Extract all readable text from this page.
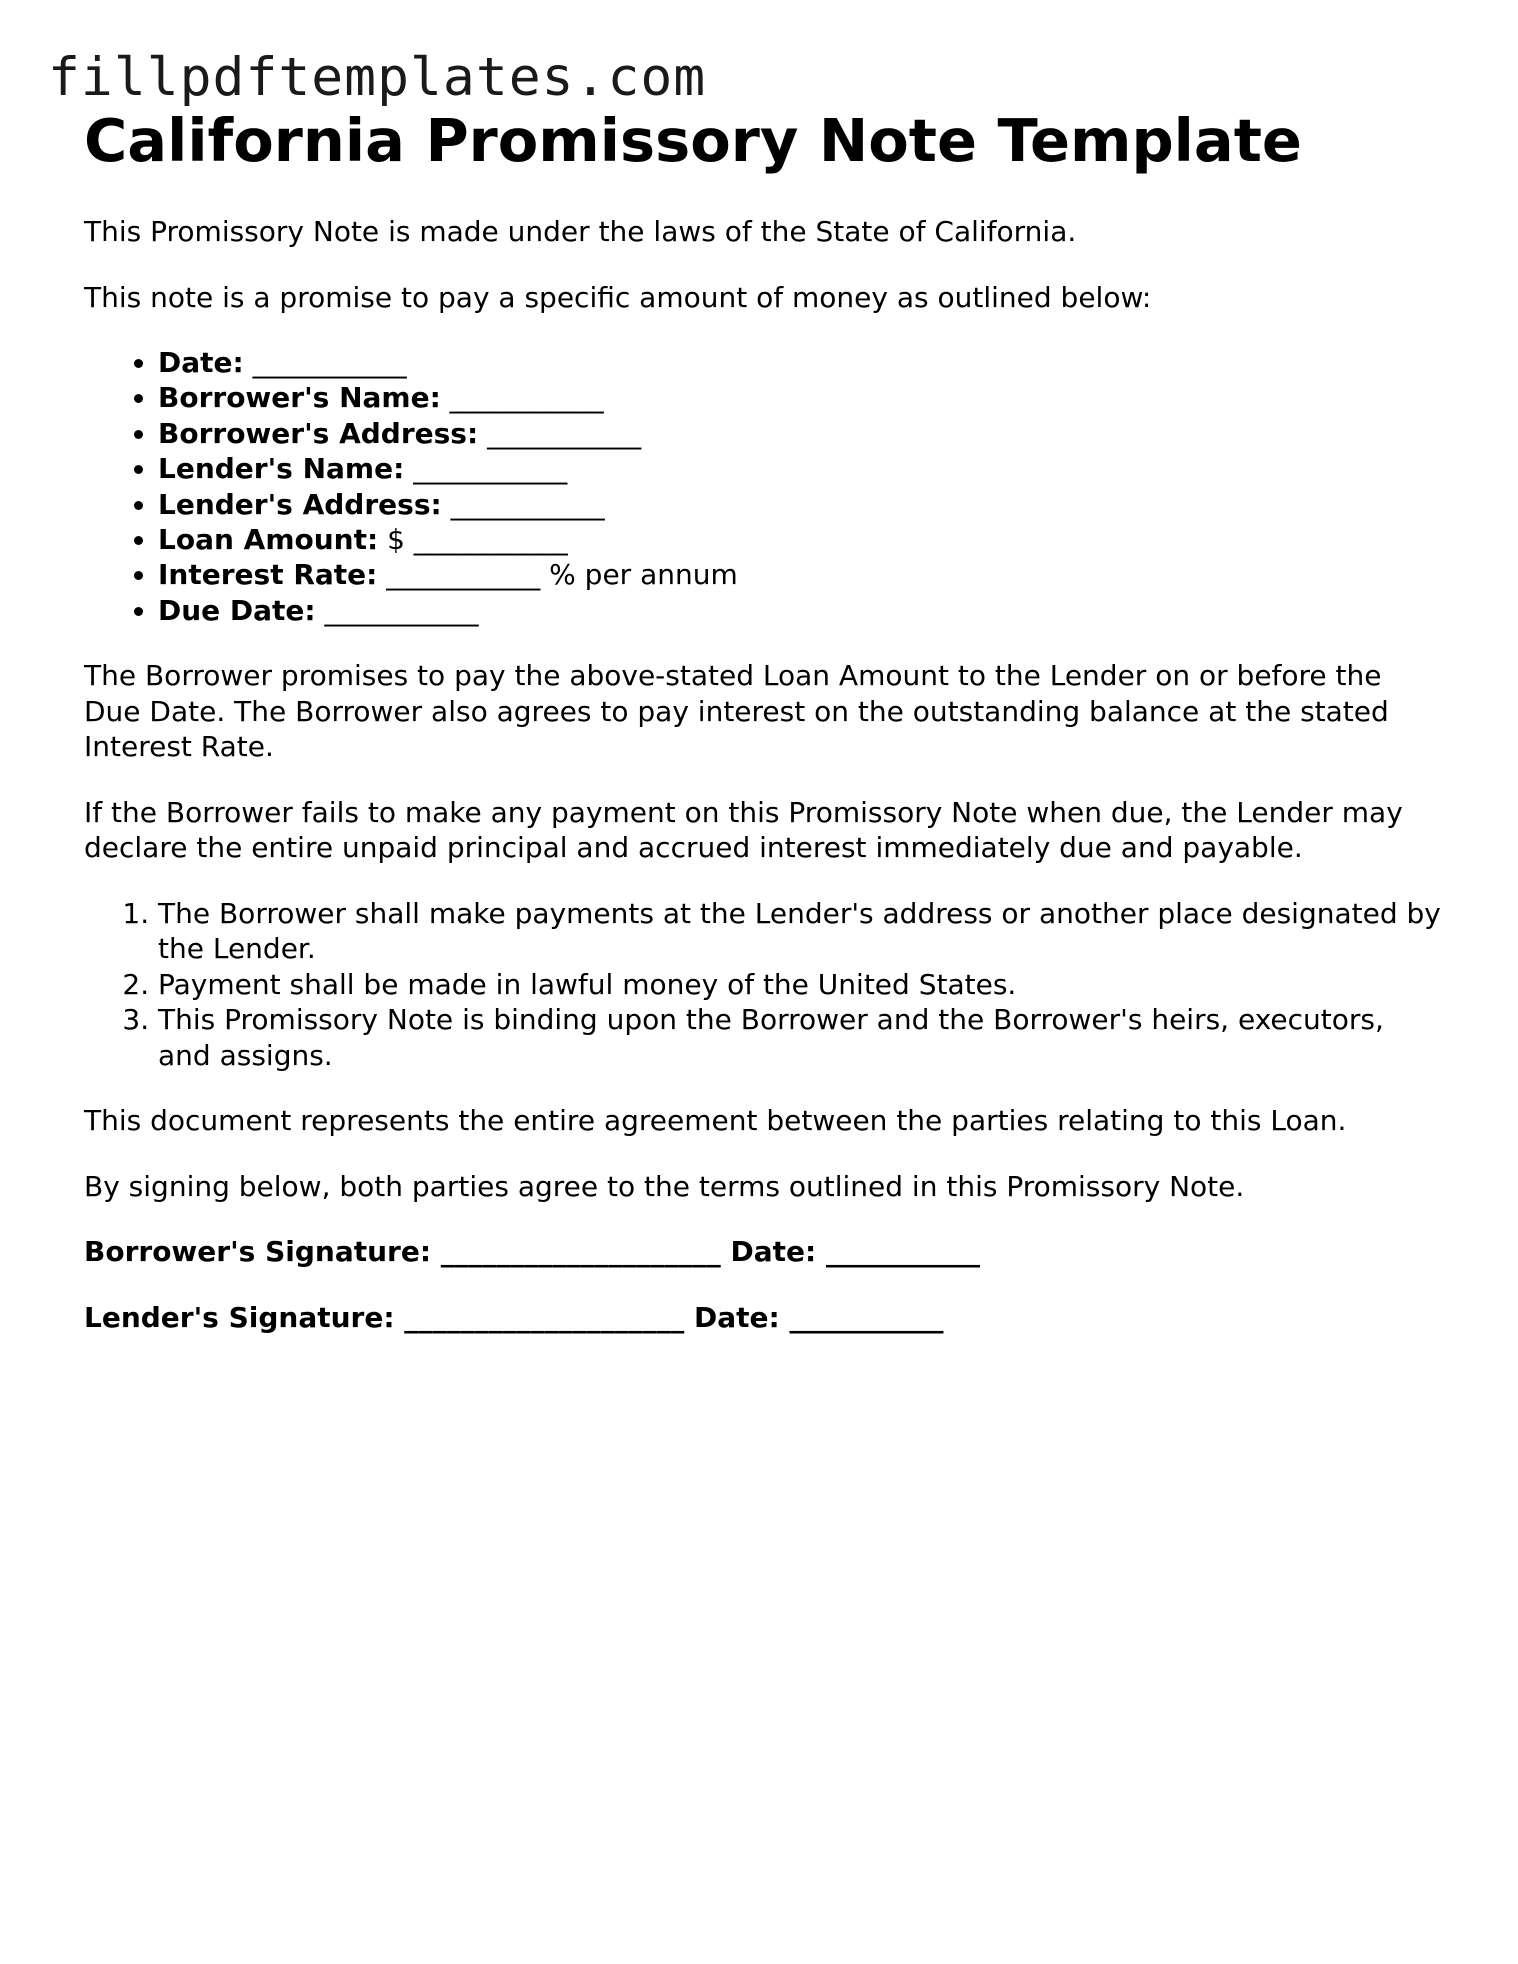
fillpdftemplates.com
California Promissory Note Template

This Promissory Note is made under the laws of the State of California.

This note is a promise to pay a specific amount of money as outlined below:

• Date: ___________
• Borrower's Name: ___________
• Borrower's Address: ___________
• Lender's Name: ___________
• Lender's Address: ___________
• Loan Amount: $ ___________
• Interest Rate: ___________ % per annum
• Due Date: ___________

The Borrower promises to pay the above-stated Loan Amount to the Lender on or before the Due Date. The Borrower also agrees to pay interest on the outstanding balance at the stated Interest Rate.

If the Borrower fails to make any payment on this Promissory Note when due, the Lender may declare the entire unpaid principal and accrued interest immediately due and payable.

1. The Borrower shall make payments at the Lender's address or another place designated by the Lender.
2. Payment shall be made in lawful money of the United States.
3. This Promissory Note is binding upon the Borrower and the Borrower's heirs, executors, and assigns.

This document represents the entire agreement between the parties relating to this Loan.

By signing below, both parties agree to the terms outlined in this Promissory Note.

Borrower's Signature: ____________________ Date: ___________
Lender's Signature: ____________________ Date: ___________
